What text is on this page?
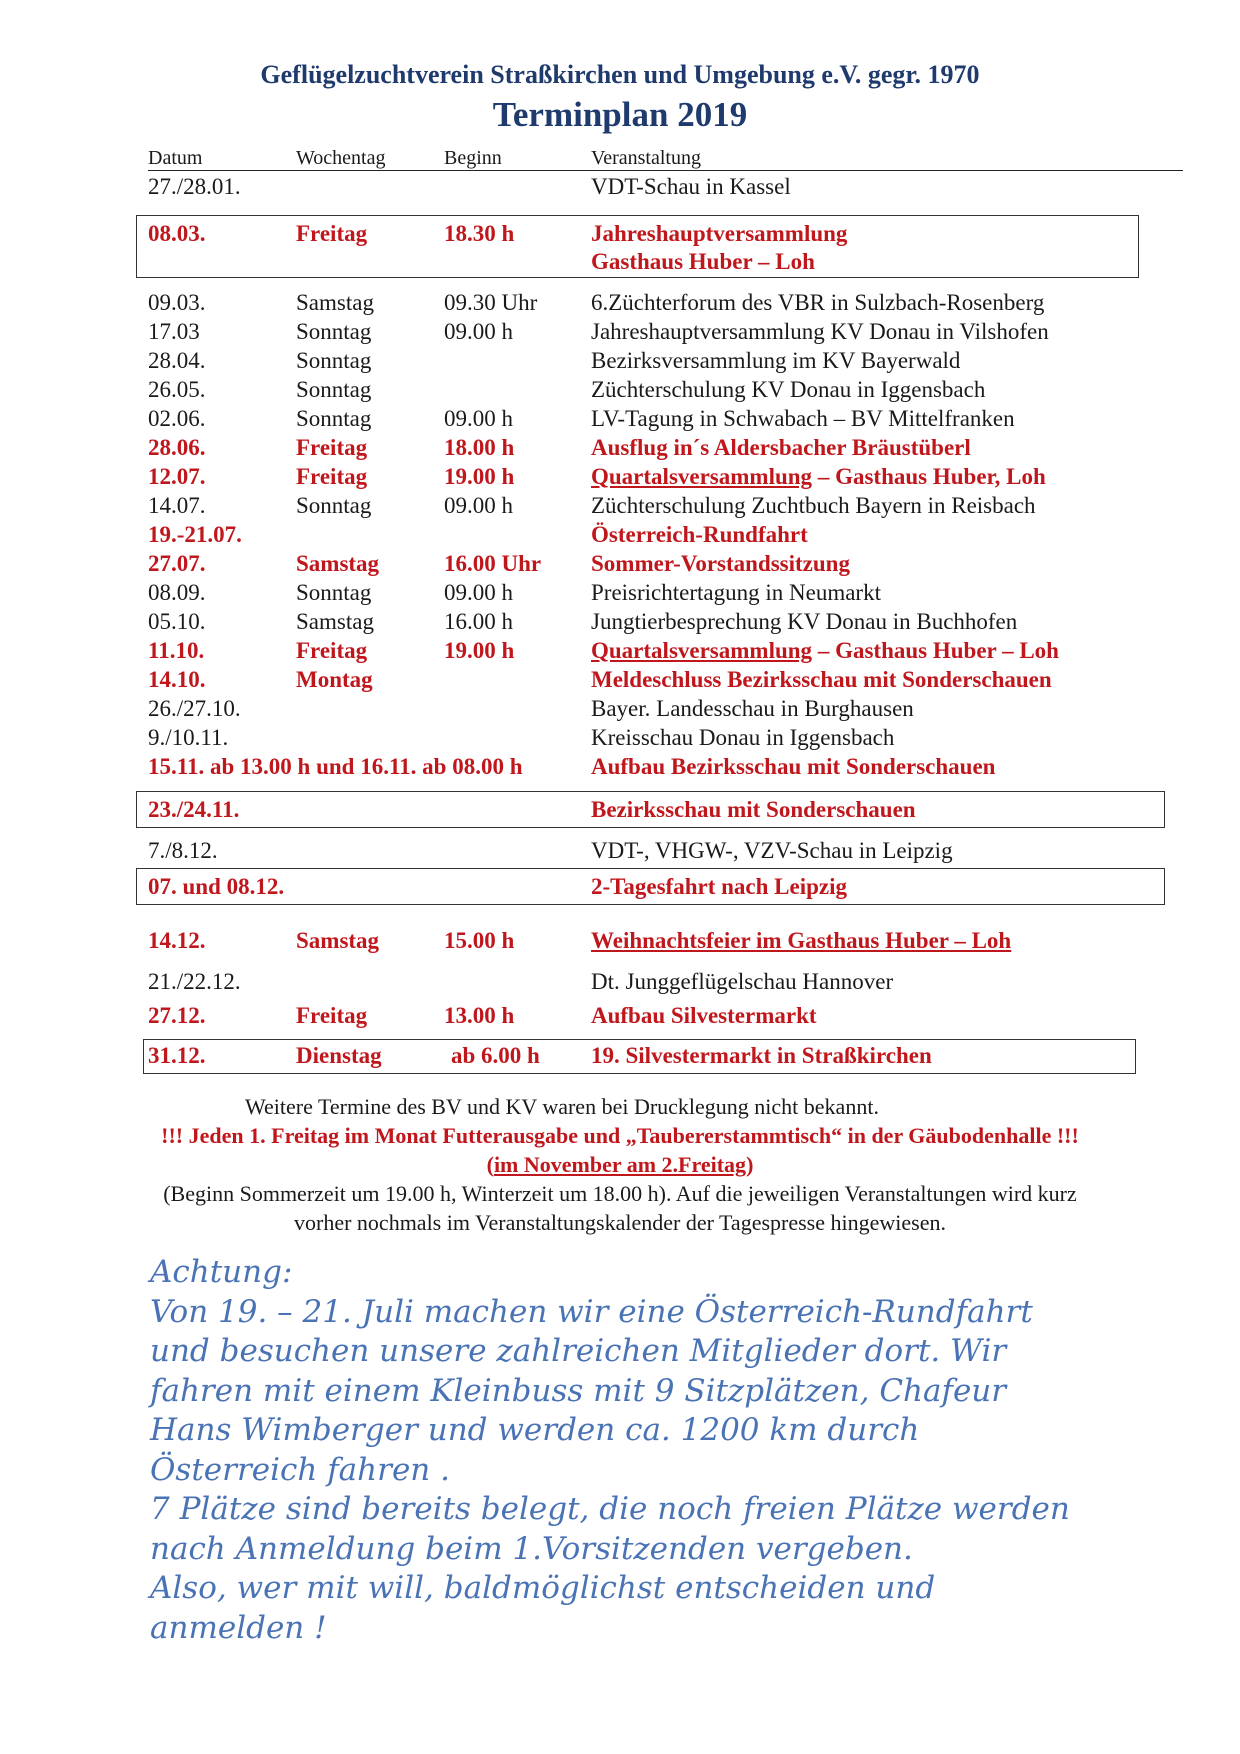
Geflügelzuchtverein Straßkirchen und Umgebung e.V. gegr. 1970
Terminplan 2019
Datum	Wochentag	Beginn	Veranstaltung
27./28.01.	VDT-Schau in Kassel
08.03.	Freitag	18.30 h	Jahreshauptversammlung
Gasthaus Huber – Loh
09.03.	Samstag	09.30 Uhr 6.Züchterforum des VBR in Sulzbach-Rosenberg
17.03	Sonntag	09.00 h	Jahreshauptversammlung KV Donau in Vilshofen
28.04.	Sonntag	Bezirksversammlung im KV Bayerwald
26.05.	Sonntag	Züchterschulung KV Donau in Iggensbach
02.06.	Sonntag	09.00 h	LV-Tagung in Schwabach – BV Mittelfranken
28.06.	Freitag	18.00 h	Ausflug in´s Aldersbacher Bräustüberl
12.07.	Freitag	19.00 h	Quartalsversammlung – Gasthaus Huber, Loh
14.07.	Sonntag	09.00 h	Züchterschulung Zuchtbuch Bayern in Reisbach
19.-21.07.	Österreich-Rundfahrt
27.07.	Samstag	16.00 Uhr Sommer-Vorstandssitzung
08.09.	Sonntag	09.00 h	Preisrichtertagung in Neumarkt
05.10.	Samstag	16.00 h	Jungtierbesprechung KV Donau in Buchhofen
11.10.	Freitag	19.00 h	Quartalsversammlung – Gasthaus Huber – Loh
14.10.	Montag	Meldeschluss Bezirksschau mit Sonderschauen
26./27.10.	Bayer. Landesschau in Burghausen
9./10.11.	Kreisschau Donau in Iggensbach
15.11. ab 13.00 h und 16.11. ab 08.00 h	Aufbau Bezirksschau mit Sonderschauen
23./24.11.	Bezirksschau mit Sonderschauen
7./8.12.	VDT-, VHGW-, VZV-Schau in Leipzig
07. und 08.12.	2-Tagesfahrt nach Leipzig
14.12.	Samstag	15.00 h	Weihnachtsfeier im Gasthaus Huber – Loh
21./22.12.	Dt. Junggeflügelschau Hannover
27.12.	Freitag	13.00 h	Aufbau Silvestermarkt
31.12.	Dienstag	ab 6.00 h 19. Silvestermarkt in Straßkirchen
Weitere Termine des BV und KV waren bei Drucklegung nicht bekannt.
!!! Jeden 1. Freitag im Monat Futterausgabe und „Taubererstammtisch“ in der Gäubodenhalle !!!
(im November am 2.Freitag)
(Beginn Sommerzeit um 19.00 h, Winterzeit um 18.00 h). Auf die jeweiligen Veranstaltungen wird kurz
vorher nochmals im Veranstaltungskalender der Tagespresse hingewiesen.
Achtung:
Von 19. – 21. Juli machen wir eine Österreich-Rundfahrt
und besuchen unsere zahlreichen Mitglieder dort. Wir
fahren mit einem Kleinbuss mit 9 Sitzplätzen, Chafeur
Hans Wimberger und werden ca. 1200 km durch
Österreich fahren .
7 Plätze sind bereits belegt, die noch freien Plätze werden
nach Anmeldung beim 1.Vorsitzenden vergeben.
Also, wer mit will, baldmöglichst entscheiden und
anmelden !
